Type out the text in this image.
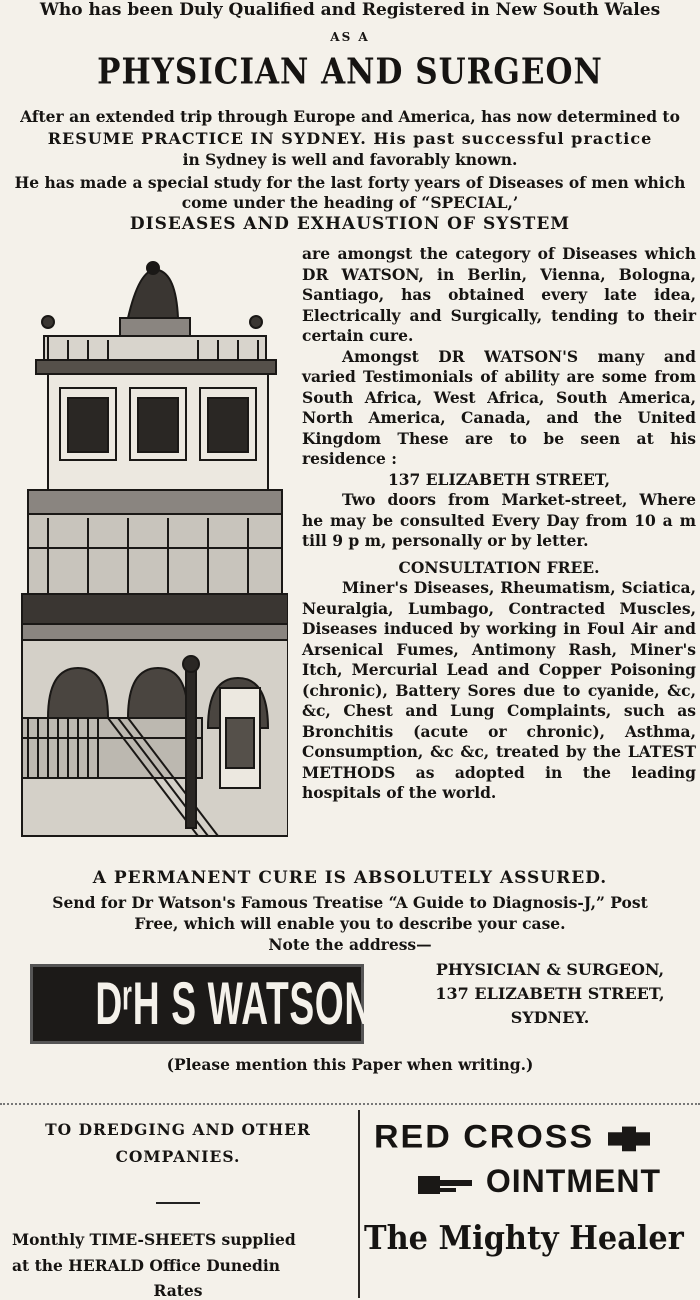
Who has been Duly Qualified and Registered in New South Wales
AS A
PHYSICIAN AND SURGEON
After an extended trip through Europe and America, has now determined to
RESUME PRACTICE IN SYDNEY. His past successful practice
in Sydney is well and favorably known.
He has made a special study for the last forty years of Diseases of men which
come under the heading of “SPECIAL,’
DISEASES AND EXHAUSTION OF SYSTEM

are amongst the category of Diseases which DR WATSON, in Berlin, Vienna, Bologna, Santiago, has obtained every late idea, Electrically and Surgically, tending to their certain cure.

Amongst DR WATSON'S many and varied Testimonials of ability are some from South Africa, West Africa, South America, North America, Canada, and the United Kingdom These are to be seen at his residence :

137 ELIZABETH STREET,

Two doors from Market-street, Where he may be consulted Every Day from 10 a m till 9 p m, personally or by letter.

CONSULTATION FREE.

Miner's Diseases, Rheumatism, Sciatica, Neuralgia, Lumbago, Contracted Muscles, Diseases induced by working in Foul Air and Arsenical Fumes, Antimony Rash, Miner's Itch, Mercurial Lead and Copper Poisoning (chronic), Battery Sores due to cyanide, &c, &c, Chest and Lung Complaints, such as Bronchitis (acute or chronic), Asthma, Consumption, &c &c, treated by the LATEST METHODS as adopted in the leading hospitals of the world.

A PERMANENT CURE IS ABSOLUTELY ASSURED.
Send for Dr Watson's Famous Treatise “A Guide to Diagnosis-J,” Post
Free, which will enable you to describe your case.
Note the address—
DʳH S WATSON
PHYSICIAN & SURGEON,
137 ELIZABETH STREET,
SYDNEY.
(Please mention this Paper when writing.)
TO DREDGING AND OTHER
COMPANIES.
Monthly TIME-SHEETS supplied
at the HERALD Office Dunedin
Rates
RED CROSS
OINTMENT
The Mighty Healer
